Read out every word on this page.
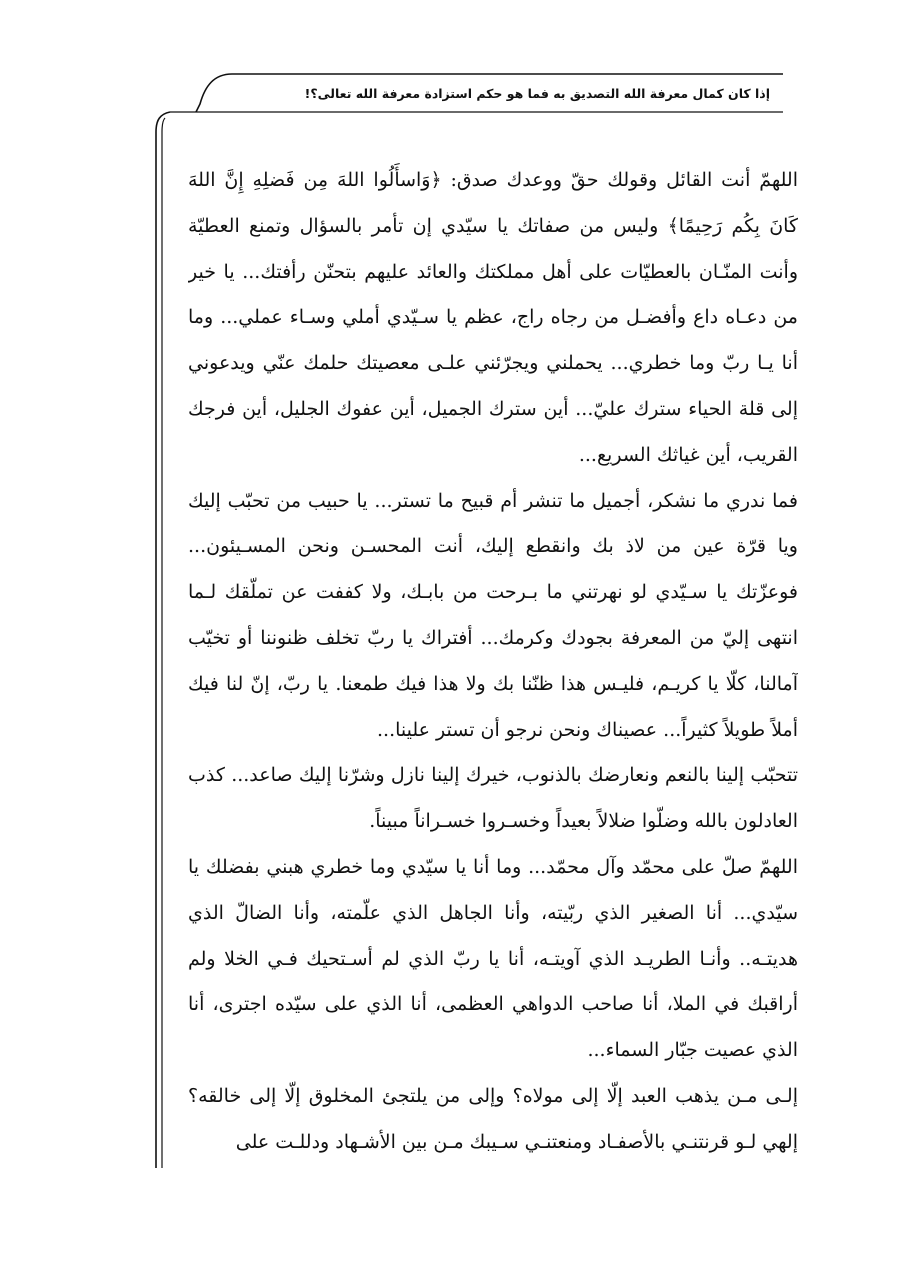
إذا كان كمال معرفة الله التصديق به فما هو حكم استزادة معرفة الله تعالى؟!

اللهمّ أنت القائل وقولك حقّ ووعدك صدق: ﴿وَاسأَلُوا اللهَ مِن فَضلِهِ إِنَّ اللهَ كَانَ بِكُم رَحِيمًا﴾ وليس من صفاتك يا سيّدي إن تأمر بالسؤال وتمنع العطيّة وأنت المنّـان بالعطيّات على أهل مملكتك والعائد عليهم بتحنّن رأفتك... يا خير من دعـاه داع وأفضـل من رجاه راج، عظم يا سـيّدي أملي وسـاء عملي... وما أنا يـا ربّ وما خطري... يحملني ويجرّئني علـى معصيتك حلمك عنّي ويدعوني إلى قلة الحياء سترك عليّ... أين سترك الجميل، أين عفوك الجليل، أين فرجك القريب، أين غياثك السريع...

فما ندري ما نشكر، أجميل ما تنشر أم قبيح ما تستر... يا حبيب من تحبّب إليك ويا قرّة عين من لاذ بك وانقطع إليك، أنت المحسـن ونحن المسـيئون... فوعزّتك يا سـيّدي لو نهرتني ما بـرحت من بابـك، ولا كففت عن تملّقك لـما انتهى إليّ من المعرفة بجودك وكرمك... أفتراك يا ربّ تخلف ظنوننا أو تخيّب آمالنا، كلّا يا كريـم، فليـس هذا ظنّنا بك ولا هذا فيك طمعنا. يا ربّ، إنّ لنا فيك أملاً طويلاً كثيراً... عصيناك ونحن نرجو أن تستر علينا...

تتحبّب إلينا بالنعم ونعارضك بالذنوب، خيرك إلينا نازل وشرّنا إليك صاعد... كذب العادلون بالله وضلّوا ضلالاً بعيداً وخسـروا خسـراناً مبيناً.

اللهمّ صلّ على محمّد وآل محمّد... وما أنا يا سيّدي وما خطري هبني بفضلك يا سيّدي... أنا الصغير الذي ربّيته، وأنا الجاهل الذي علّمته، وأنا الضالّ الذي هديتـه.. وأنـا الطريـد الذي آويتـه، أنا يا ربّ الذي لم أسـتحيك فـي الخلا ولم أراقبك في الملا، أنا صاحب الدواهي العظمى، أنا الذي على سيّده اجترى، أنا الذي عصيت جبّار السماء...

إلـى مـن يذهب العبد إلّا إلى مولاه؟ وإلى من يلتجئ المخلوق إلّا إلى خالقه؟ إلهي لـو قرنتنـي بالأصفـاد ومنعتنـي سـيبك مـن بين الأشـهاد ودللـت على
